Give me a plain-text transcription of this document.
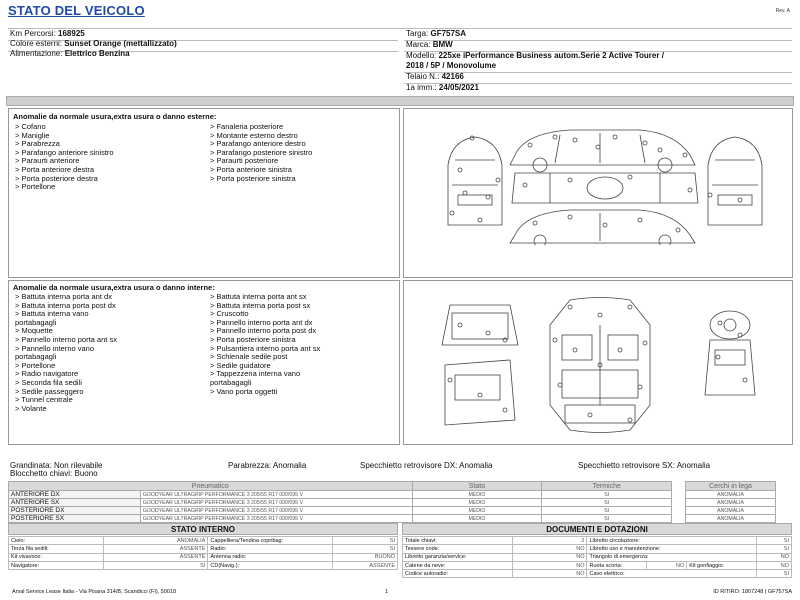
STATO DEL VEICOLO	Rev. A
Km Percorsi: 168925
Colore esterni: Sunset Orange (mettallizzato)
Alimentazione: Elettrico Benzina
Targa: GF757SA
Marca: BMW
Modello: 225xe iPerformance Business autom.Serie 2 Active Tourer /
2018 / 5P / Monovolume
Telaio N.: 42166
1a imm.: 24/05/2021
Anomalie da normale usura,extra usura o danno esterne:
> Cofano
> Maniglie
> Parabrezza
> Parafango anteriore sinistro
> Paraurti anteriore
> Porta anteriore destra
> Porta posteriore destra
> Portellone
> Fanaleria posteriore
> Montante esterno destro
> Parafango anteriore destro
> Parafango posteriore sinistro
> Paraurti posteriore
> Porta anteriore sinistra
> Porta posteriore sinistra
Anomalie da normale usura,extra usura o danno interne:
> Battuta interna porta ant dx
> Battuta interna porta post dx
> Battuta interna vano
portabagagli
> Moquette
> Pannello interno porta ant sx
> Pannello interno vano
portabagagli
> Portellone
> Radio navigatore
> Seconda fila sedili
> Sedile passeggero
> Tunnel centrale
> Volante
> Battuta interna porta ant sx
> Battuta interna porta post sx
> Cruscotto
> Pannello interno porta ant dx
> Pannello interno porta post dx
> Porta posteriore sinistra
> Pulsantiera interno porta ant sx
> Schienale sedile post
> Sedile guidatore
> Tappezzeria interna vano
portabagagli
> Vano porta oggetti
Grandinata: Non rilevabile	Parabrezza: Anomalia	Specchietto retrovisore DX: Anomalia	Specchietto retrovisore SX: Anomalia
Blocchetto chiavi: Buono
Pneumatico		Stato	Termiche		Cerchi in lega
ANTERIORE DX	GOODYEAR ULTRAGRIP PERFORMANCE 3 205/55 R17 000/095 V	MEDIO	SI		ANOMALIA
ANTERIORE SX	GOODYEAR ULTRAGRIP PERFORMANCE 3 205/55 R17 000/095 V	MEDIO	SI		ANOMALIA
POSTERIORE DX	GOODYEAR ULTRAGRIP PERFORMANCE 3 205/55 R17 000/095 V	MEDIO	SI		ANOMALIA
POSTERIORE SX	GOODYEAR ULTRAGRIP PERFORMANCE 3 205/55 R17 000/095 V	MEDIO	SI		ANOMALIA
STATO INTERNO
Cielo:	ANOMALIA	Cappelliera/Tendina copribag:	SI
Terza fila sedili:	ASSENTE	Radio:	SI
Kit vivavoce:	ASSENTE	Antenna radio:	BUONO
Navigatore:	SI	CD(Navig.):	ASSENTE
DOCUMENTI E DOTAZIONI
Totale chiavi:	2	Libretto circolazione:			SI
Tessere code:	NO	Libretto uso e manutenzione:			SI
Libretto garanzia/service:	NO	Triangolo di emergenza:			NO
Catene da neve:	NO	Ruota scorta:	NO	Kit gonfiaggio:	NO
Codice autoradio:	NO	Cavo elettrico:			SI
Arval Service Lease Italia - Via Pisana 314/B, Scandicci (FI), 50018	1	ID RITIRO: 1807248 | GF757SA
